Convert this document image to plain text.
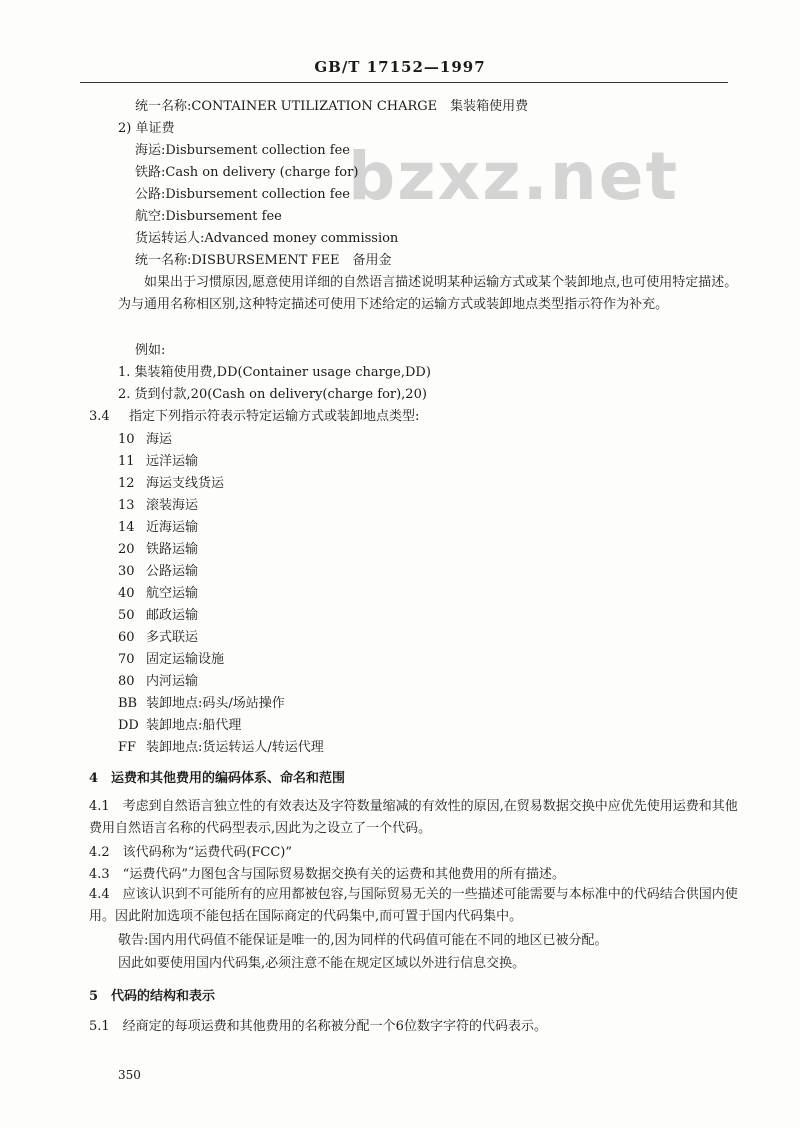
GB/T 17152—1997
bzxz.net
统一名称:CONTAINER UTILIZATION CHARGE　集装箱使用费
2) 单证费
海运:Disbursement collection fee
铁路:Cash on delivery (charge for)
公路:Disbursement collection fee
航空:Disbursement fee
货运转运人:Advanced money commission
统一名称:DISBURSEMENT FEE　备用金
如果出于习惯原因,愿意使用详细的自然语言描述说明某种运输方式或某个装卸地点,也可使用特定描述。为与通用名称相区别,这种特定描述可使用下述给定的运输方式或装卸地点类型指示符作为补充。
例如:
1. 集装箱使用费,DD(Container usage charge,DD)
2. 货到付款,20(Cash on delivery(charge for),20)
3.4 指定下列指示符表示特定运输方式或装卸地点类型:
10 海运
11 远洋运输
12 海运支线货运
13 滚装海运
14 近海运输
20 铁路运输
30 公路运输
40 航空运输
50 邮政运输
60 多式联运
70 固定运输设施
80 内河运输
BB 装卸地点:码头/场站操作
DD 装卸地点:船代理
FF 装卸地点:货运转运人/转运代理
4　运费和其他费用的编码体系、命名和范围
4.1　考虑到自然语言独立性的有效表达及字符数量缩减的有效性的原因,在贸易数据交换中应优先使用运费和其他费用自然语言名称的代码型表示,因此为之设立了一个代码。
4.2　该代码称为“运费代码(FCC)”
4.3　“运费代码”力图包含与国际贸易数据交换有关的运费和其他费用的所有描述。
4.4　应该认识到不可能所有的应用都被包容,与国际贸易无关的一些描述可能需要与本标准中的代码结合供国内使用。因此附加选项不能包括在国际商定的代码集中,而可置于国内代码集中。
敬告:国内用代码值不能保证是唯一的,因为同样的代码值可能在不同的地区已被分配。
因此如要使用国内代码集,必须注意不能在规定区域以外进行信息交换。
5　代码的结构和表示
5.1　经商定的每项运费和其他费用的名称被分配一个6位数字字符的代码表示。
350
